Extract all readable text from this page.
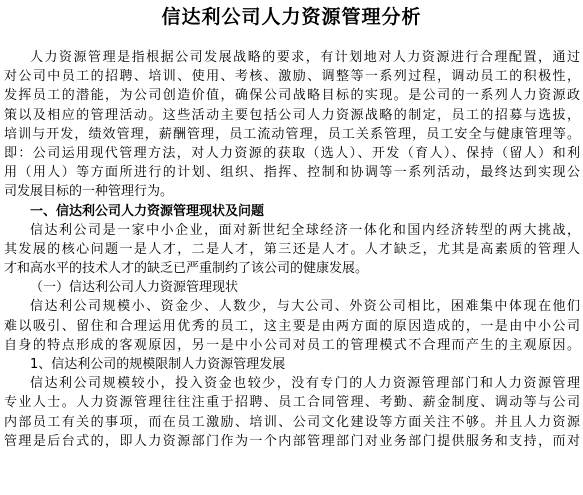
信达利公司人力资源管理分析
人力资源管理是指根据公司发展战略的要求，有计划地对人力资源进行合理配置，通过
对公司中员工的招聘、培训、使用、考核、激励、调整等一系列过程，调动员工的积极性，
发挥员工的潜能，为公司创造价值，确保公司战略目标的实现。是公司的一系列人力资源政
策以及相应的管理活动。这些活动主要包括公司人力资源战略的制定，员工的招募与选拔，
培训与开发，绩效管理，薪酬管理，员工流动管理，员工关系管理，员工安全与健康管理等。
即：公司运用现代管理方法，对人力资源的获取（选人）、开发（育人）、保持（留人）和利
用（用人）等方面所进行的计划、组织、指挥、控制和协调等一系列活动，最终达到实现公
司发展目标的一种管理行为。
一、信达利公司人力资源管理现状及问题
信达利公司是一家中小企业，面对新世纪全球经济一体化和国内经济转型的两大挑战，
其发展的核心问题一是人才，二是人才，第三还是人才。人才缺乏，尤其是高素质的管理人
才和高水平的技术人才的缺乏已严重制约了该公司的健康发展。
（一）信达利公司人力资源管理现状
信达利公司规模小、资金少、人数少，与大公司、外资公司相比，困难集中体现在他们
难以吸引、留住和合理运用优秀的员工，这主要是由两方面的原因造成的，一是由中小公司
自身的特点形成的客观原因，另一是中小公司对员工的管理模式不合理而产生的主观原因。
1、信达利公司的规模限制人力资源管理发展
信达利公司规模较小，投入资金也较少，没有专门的人力资源管理部门和人力资源管理
专业人士。人力资源管理往往注重于招聘、员工合同管理、考勤、薪金制度、调动等与公司
内部员工有关的事项，而在员工激励、培训、公司文化建设等方面关注不够。并且人力资源
管理是后台式的，即人力资源部门作为一个内部管理部门对业务部门提供服务和支持，而对
